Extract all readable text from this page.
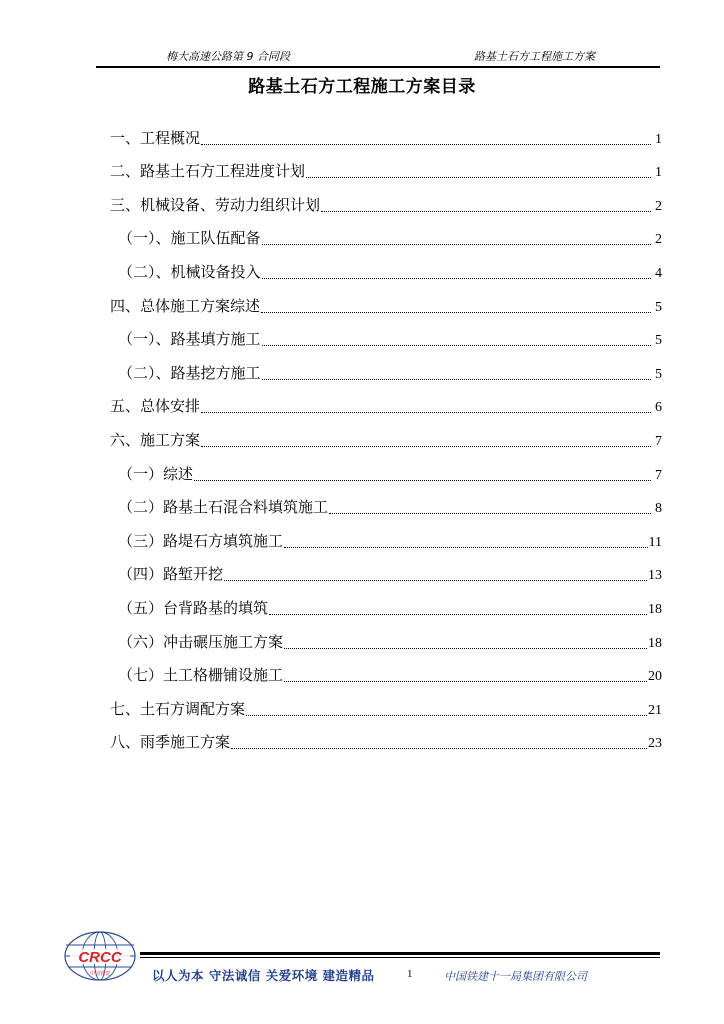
梅大高速公路第 9 合同段	路基土石方工程施工方案
路基土石方工程施工方案目录
一、工程概况	1
二、路基土石方工程进度计划	1
三、机械设备、劳动力组织计划	2
（一）、施工队伍配备	2
（二）、机械设备投入	4
四、总体施工方案综述	5
（一）、路基填方施工	5
（二）、路基挖方施工	5
五、总体安排	6
六、施工方案	7
（一）综述	7
（二）路基土石混合料填筑施工	8
（三）路堤石方填筑施工	11
（四）路堑开挖	13
（五）台背路基的填筑	18
（六）冲击碾压施工方案	18
（七）土工格栅铺设施工	20
七、土石方调配方案	21
八、雨季施工方案	23
CRCC
中国铁建	以人为本 守法诚信 关爱环境 建造精品	1	中国铁建十一局集团有限公司
